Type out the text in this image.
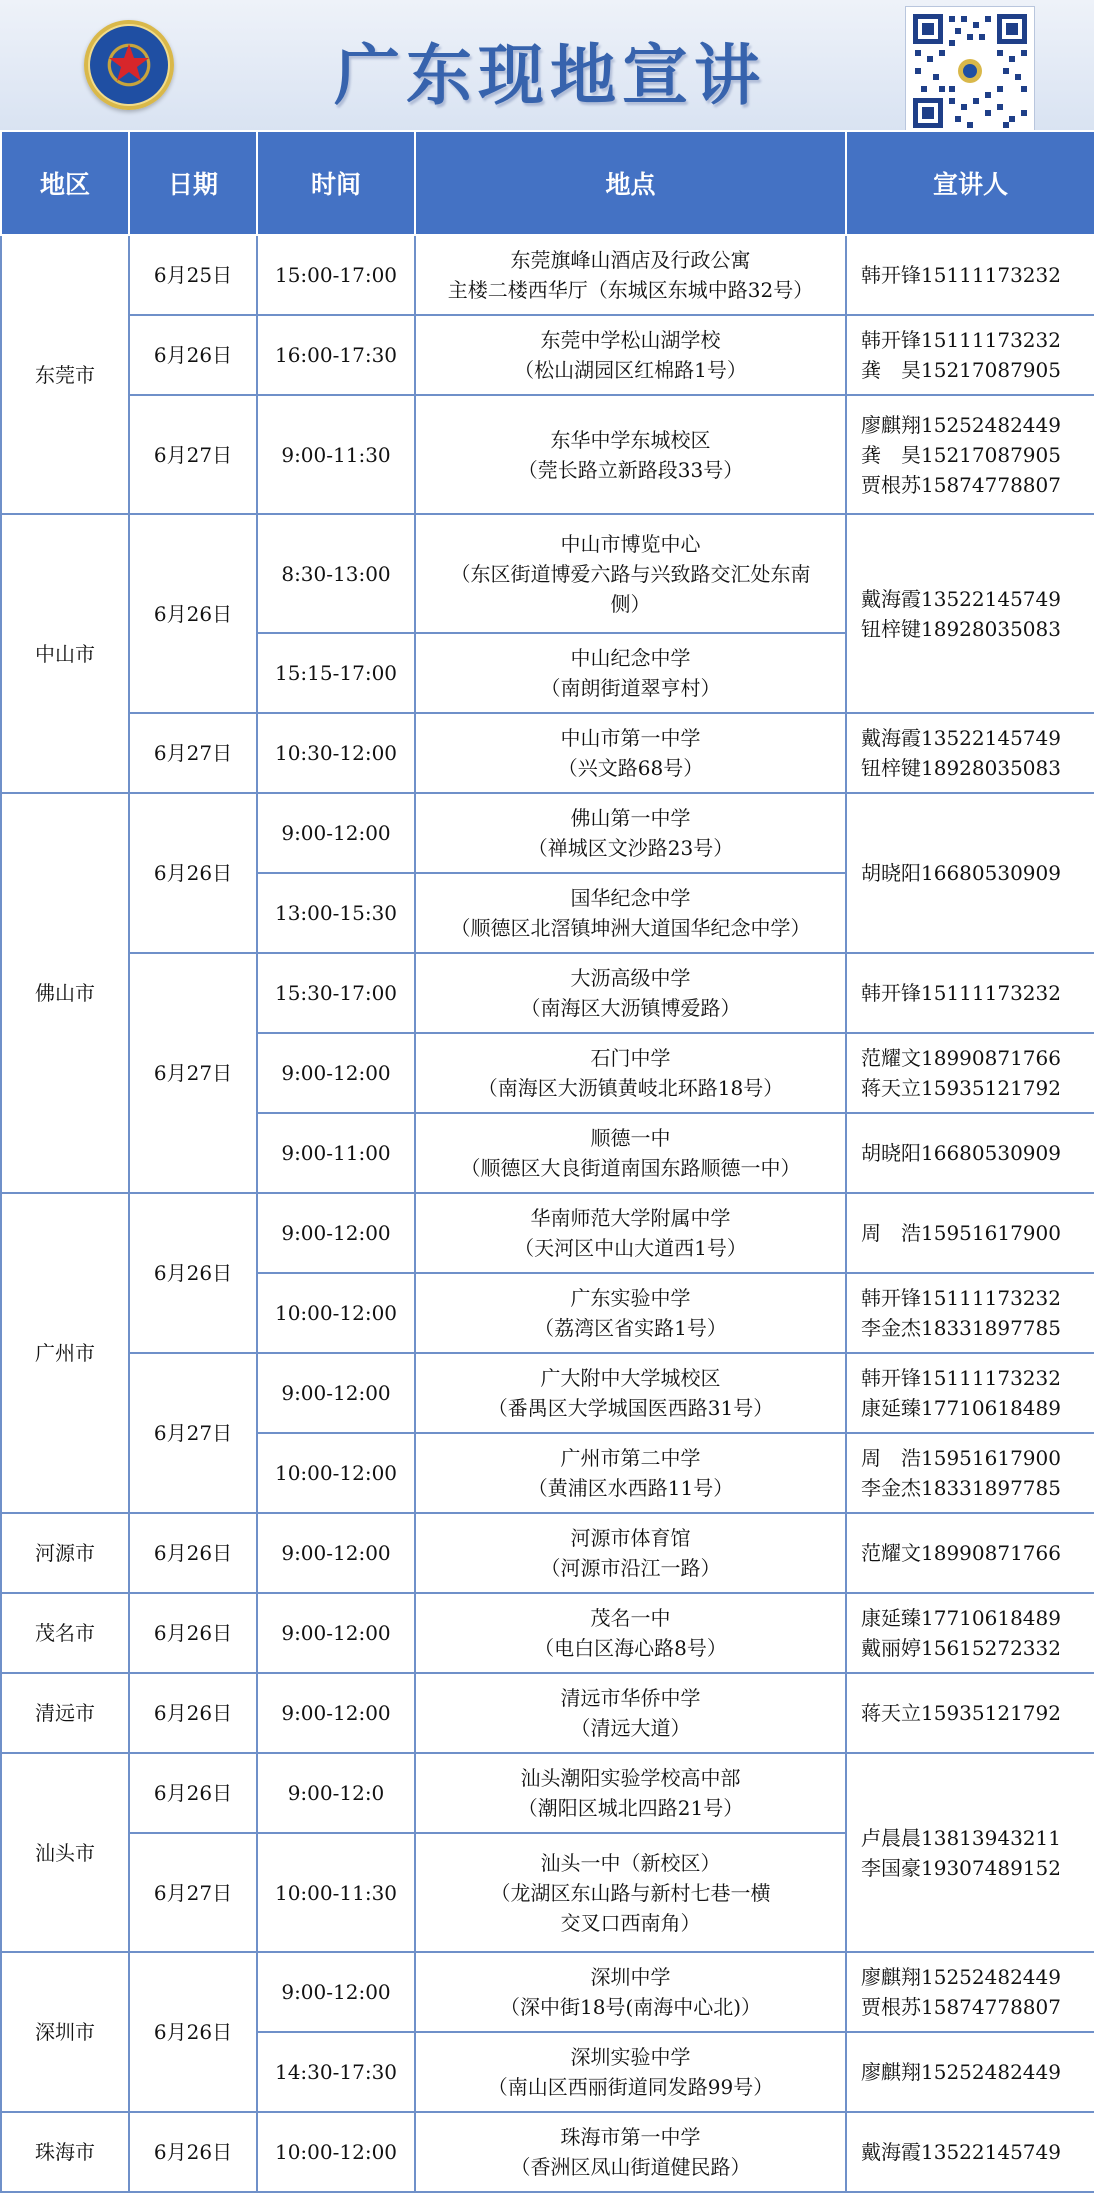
广东现地宣讲
地区	日期	时间	地点	宣讲人
东莞市	6月25日	15:00-17:00	东莞旗峰山酒店及行政公寓
主楼二楼西华厅（东城区东城中路32号）	韩开锋15111173232

	6月26日	16:00-17:30	东莞中学松山湖学校
（松山湖园区红棉路1号）	韩开锋15111173232
龚　昊15217087905

	6月27日	9:00-11:30	东华中学东城校区
（莞长路立新路段33号）	廖麒翔15252482449
龚　昊15217087905
贾根苏15874778807

中山市	6月26日	8:30-13:00	中山市博览中心
（东区街道博爱六路与兴致路交汇处东南
侧）	戴海霞13522145749
钮梓键18928035083

		15:15-17:00	中山纪念中学
（南朗街道翠亨村）	

	6月27日	10:30-12:00	中山市第一中学
（兴文路68号）	戴海霞13522145749
钮梓键18928035083

佛山市	6月26日	9:00-12:00	佛山第一中学
（禅城区文沙路23号）	胡晓阳16680530909

		13:00-15:30	国华纪念中学
（顺德区北滘镇坤洲大道国华纪念中学）	

	6月27日	15:30-17:00	大沥高级中学
（南海区大沥镇博爱路）	韩开锋15111173232

		9:00-12:00	石门中学
（南海区大沥镇黄岐北环路18号）	范耀文18990871766
蒋天立15935121792

		9:00-11:00	顺德一中
（顺德区大良街道南国东路顺德一中）	胡晓阳16680530909

广州市	6月26日	9:00-12:00	华南师范大学附属中学
（天河区中山大道西1号）	周　浩15951617900

		10:00-12:00	广东实验中学
（荔湾区省实路1号）	韩开锋15111173232
李金杰18331897785

	6月27日	9:00-12:00	广大附中大学城校区
（番禺区大学城国医西路31号）	韩开锋15111173232
康延臻17710618489

		10:00-12:00	广州市第二中学
（黄浦区水西路11号）	周　浩15951617900
李金杰18331897785

河源市	6月26日	9:00-12:00	河源市体育馆
（河源市沿江一路）	范耀文18990871766

茂名市	6月26日	9:00-12:00	茂名一中
（电白区海心路8号）	康延臻17710618489
戴丽婷15615272332

清远市	6月26日	9:00-12:00	清远市华侨中学
（清远大道）	蒋天立15935121792

汕头市	6月26日	9:00-12:0	汕头潮阳实验学校高中部
（潮阳区城北四路21号）	卢晨晨13813943211
李国豪19307489152

	6月27日	10:00-11:30	汕头一中（新校区）
（龙湖区东山路与新村七巷一横
交叉口西南角）	

深圳市	6月26日	9:00-12:00	深圳中学
（深中街18号(南海中心北)）	廖麒翔15252482449
贾根苏15874778807

		14:30-17:30	深圳实验中学
（南山区西丽街道同发路99号）	廖麒翔15252482449

珠海市	6月26日	10:00-12:00	珠海市第一中学
（香洲区凤山街道健民路）	戴海霞13522145749
